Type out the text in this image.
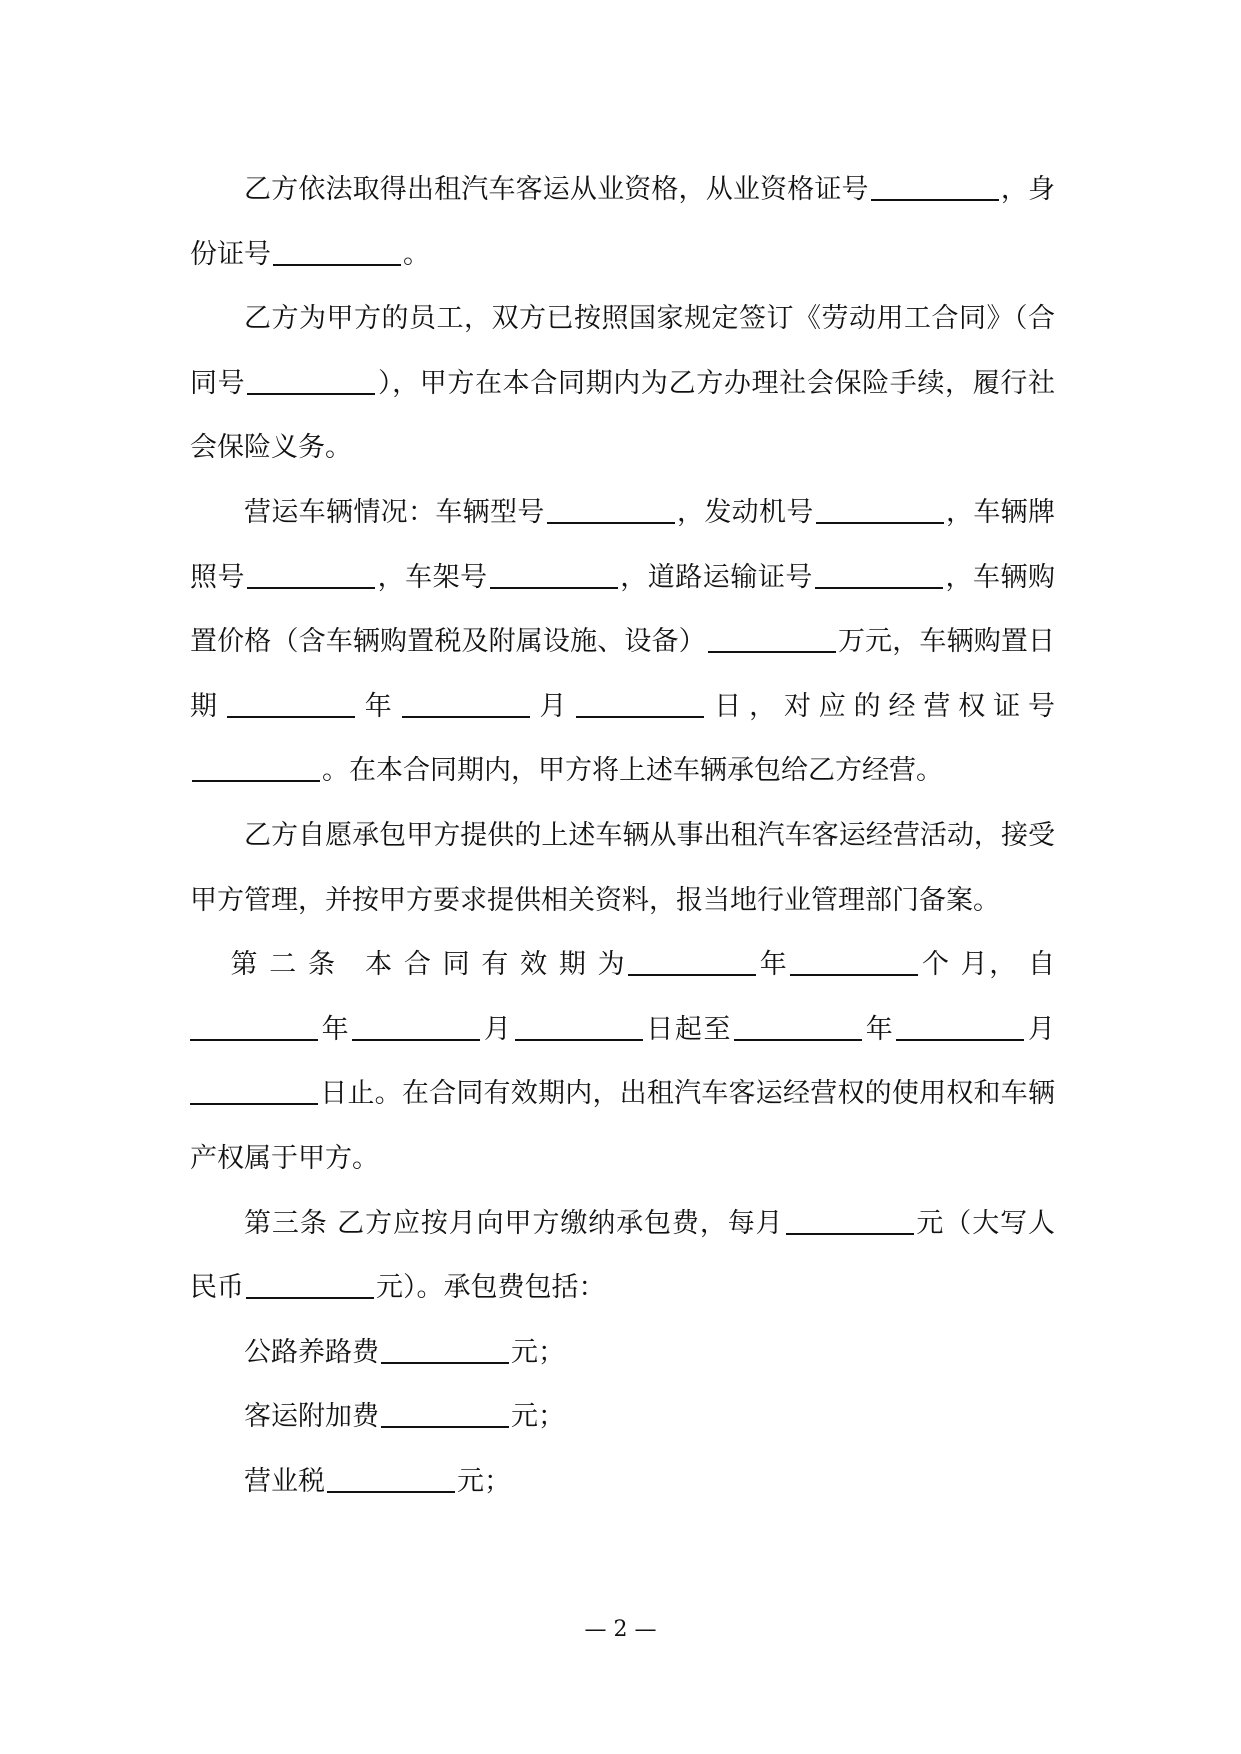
乙方依法取得出租汽车客运从业资格，从业资格证号	，身份证号	。

乙方为甲方的员工，双方已按照国家规定签订《劳动用工合同》（合同号	），甲方在本合同期内为乙方办理社会保险手续，履行社会保险义务。

营运车辆情况：车辆型号	，发动机号	，车辆牌照号	，车架号	，道路运输证号	，车辆购置价格（含车辆购置税及附属设施、设备）	万元，车辆购置日期	年	月	日，对应的经营权证号。在本合同期内，甲方将上述车辆承包给乙方经营。

乙方自愿承包甲方提供的上述车辆从事出租汽车客运经营活动，接受甲方管理，并按甲方要求提供相关资料，报当地行业管理部门备案。

第 二 条　本 合 同 有 效 期 为	年	个 月， 自

年	月	日起至	年	月

日止。在合同有效期内，出租汽车客运经营权的使用权和车辆产权属于甲方。

第三条 乙方应按月向甲方缴纳承包费，每月	元（大写人民币	元）。承包费包括：

公路养路费	元；

客运附加费	元；

营业税	元；

— 2 —
